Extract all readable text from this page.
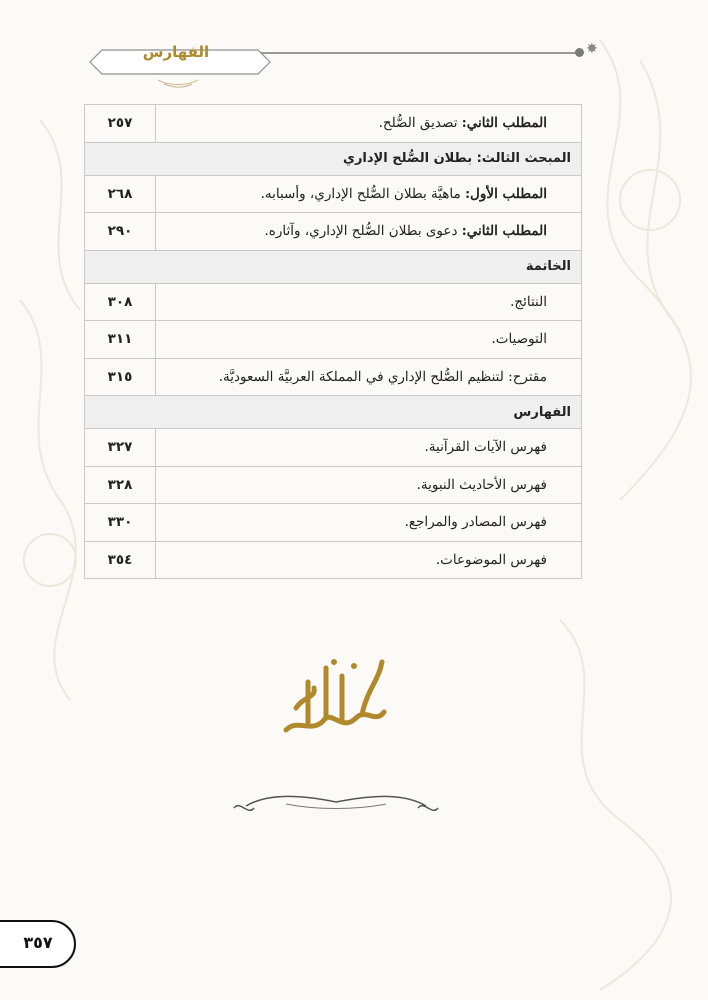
✸
الفهارس
المطلب الثاني: تصديق الصُّلح.	٢٥٧
المبحث الثالث: بطلان الصُّلح الإداري	
المطلب الأول: ماهيَّة بطلان الصُّلح الإداري، وأسبابه.	٢٦٨
المطلب الثاني: دعوى بطلان الصُّلح الإداري، وآثاره.	٢٩٠
الخاتمة	
النتائج.	٣٠٨
التوصيات.	٣١١
مقترح: لتنظيم الصُّلح الإداري في المملكة العربيَّة السعوديَّة.	٣١٥
الفهارس	
فهرس الآيات القرآنية.	٣٢٧
فهرس الأحاديث النبوية.	٣٢٨
فهرس المصادر والمراجع.	٣٣٠
فهرس الموضوعات.	٣٥٤
٣٥٧
